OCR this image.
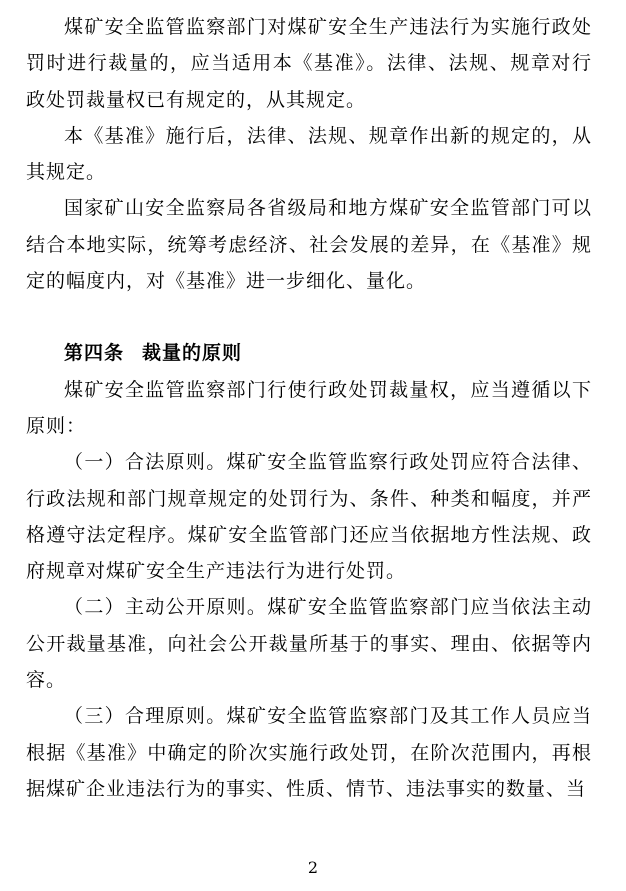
煤矿安全监管监察部门对煤矿安全生产违法行为实施行政处罚时进行裁量的，应当适用本《基准》。法律、法规、规章对行政处罚裁量权已有规定的，从其规定。

本《基准》施行后，法律、法规、规章作出新的规定的，从其规定。

国家矿山安全监察局各省级局和地方煤矿安全监管部门可以结合本地实际，统筹考虑经济、社会发展的差异，在《基准》规定的幅度内，对《基准》进一步细化、量化。

第四条 裁量的原则

煤矿安全监管监察部门行使行政处罚裁量权，应当遵循以下原则：

（一）合法原则。煤矿安全监管监察行政处罚应符合法律、行政法规和部门规章规定的处罚行为、条件、种类和幅度，并严格遵守法定程序。煤矿安全监管部门还应当依据地方性法规、政府规章对煤矿安全生产违法行为进行处罚。

（二）主动公开原则。煤矿安全监管监察部门应当依法主动公开裁量基准，向社会公开裁量所基于的事实、理由、依据等内容。

（三）合理原则。煤矿安全监管监察部门及其工作人员应当根据《基准》中确定的阶次实施行政处罚，在阶次范围内，再根据煤矿企业违法行为的事实、性质、情节、违法事实的数量、当

2
